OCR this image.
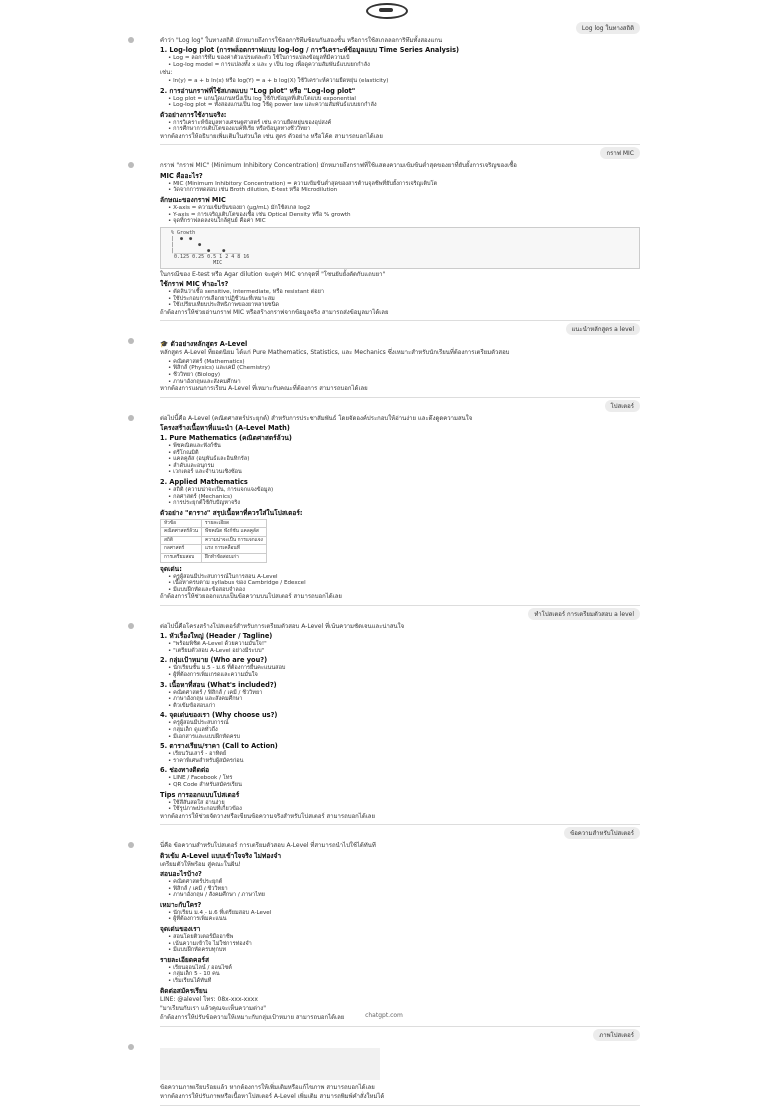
Log log ในทางสถิติ
คำว่า "Log log" ในทางสถิติ มักหมายถึงการใช้ลอการิทึมซ้อนกันสองชั้น หรือการใช้สเกลลอการิทึมทั้งสองแกน
1. Log-log plot (การพล็อตกราฟแบบ log-log / การวิเคราะห์ข้อมูลแบบ Time Series Analysis)
• Log = ลอการิทึม ของค่าตัวแปรแต่ละตัว ใช้ในการแปลงข้อมูลที่มีความเบ้
• Log-log model = การแปลงทั้ง x และ y เป็น log เพื่อดูความสัมพันธ์แบบยกกำลัง
เช่น:
• ln(y) = a + b ln(x) หรือ log(Y) = a + b log(X) ใช้วิเคราะห์ความยืดหยุ่น (elasticity)
2. การอ่านกราฟที่ใช้สเกลแบบ "Log plot" หรือ "Log-log plot"
• Log plot = แกนใดแกนหนึ่งเป็น log ใช้กับข้อมูลที่เติบโตแบบ exponential
• Log-log plot = ทั้งสองแกนเป็น log ใช้ดู power law และความสัมพันธ์แบบยกกำลัง
ตัวอย่างการใช้งานจริง:
• การวิเคราะห์ข้อมูลทางเศรษฐศาสตร์ เช่น ความยืดหยุ่นของอุปสงค์
• การศึกษาการเติบโตของแบคทีเรีย หรือข้อมูลทางชีววิทยา
หากต้องการให้อธิบายเพิ่มเติมในส่วนใด เช่น สูตร ตัวอย่าง หรือโค้ด สามารถบอกได้เลย
กราฟ MIC
กราฟ "กราฟ MIC" (Minimum Inhibitory Concentration) มักหมายถึงกราฟที่ใช้แสดงความเข้มข้นต่ำสุดของยาที่ยับยั้งการเจริญของเชื้อ
MIC คืออะไร?
• MIC (Minimum Inhibitory Concentration) = ความเข้มข้นต่ำสุดของสารต้านจุลชีพที่ยับยั้งการเจริญเติบโต
• วัดจากการทดสอบ เช่น Broth dilution, E-test หรือ Microdilution
ลักษณะของกราฟ MIC
• X-axis = ความเข้มข้นของยา (µg/mL) มักใช้สเกล log2
• Y-axis = การเจริญเติบโตของเชื้อ เช่น Optical Density หรือ % growth
• จุดที่กราฟลดลงจนใกล้ศูนย์ คือค่า MIC
% Growth
|  ●  ●
|        ●
|___________●____●_____
0.125 0.25 0.5 1 2 4 8 16
MIC
ในกรณีของ E-test หรือ Agar dilution จะดูค่า MIC จากจุดที่ "โซนยับยั้งตัดกับแถบยา"
ใช้กราฟ MIC ทำอะไร?
• ตัดสินว่าเชื้อ sensitive, intermediate, หรือ resistant ต่อยา
• ใช้ประกอบการเลือกยาปฏิชีวนะที่เหมาะสม
• ใช้เปรียบเทียบประสิทธิภาพของยาหลายชนิด
ถ้าต้องการให้ช่วยอ่านกราฟ MIC หรือสร้างกราฟจากข้อมูลจริง สามารถส่งข้อมูลมาได้เลย
แนะนำหลักสูตร a level
🎓 ตัวอย่างหลักสูตร A-Level
หลักสูตร A-Level ที่ยอดนิยม ได้แก่ Pure Mathematics, Statistics, และ Mechanics ซึ่งเหมาะสำหรับนักเรียนที่ต้องการเตรียมตัวสอบ
• คณิตศาสตร์ (Mathematics)
• ฟิสิกส์ (Physics) และเคมี (Chemistry)
• ชีววิทยา (Biology)
• ภาษาอังกฤษและสังคมศึกษา
หากต้องการแผนการเรียน A-Level ที่เหมาะกับคณะที่ต้องการ สามารถบอกได้เลย
โปสเตอร์
ต่อไปนี้คือ A-Level (คณิตศาสตร์ประยุกต์) สำหรับการประชาสัมพันธ์ โดยจัดองค์ประกอบให้อ่านง่าย และดึงดูดความสนใจ
โครงสร้างเนื้อหาที่แนะนำ (A-Level Math)
1. Pure Mathematics (คณิตศาสตร์ล้วน)
• พีชคณิตและฟังก์ชัน
• ตรีโกณมิติ
• แคลคูลัส (อนุพันธ์และอินทิกรัล)
• ลำดับและอนุกรม
• เวกเตอร์ และจำนวนเชิงซ้อน
2. Applied Mathematics
• สถิติ (ความน่าจะเป็น, การแจกแจงข้อมูล)
• กลศาสตร์ (Mechanics)
• การประยุกต์ใช้กับปัญหาจริง
ตัวอย่าง "ตาราง" สรุปเนื้อหาที่ควรใส่ในโปสเตอร์:
หัวข้อ	รายละเอียด
คณิตศาสตร์ล้วน	พีชคณิต ฟังก์ชัน แคลคูลัส
สถิติ	ความน่าจะเป็น การแจกแจง
กลศาสตร์	แรง การเคลื่อนที่
การเตรียมสอบ	ฝึกทำข้อสอบเก่า
จุดเด่น:
• ครูผู้สอนมีประสบการณ์ในการสอน A-Level
• เนื้อหาครบตาม syllabus ของ Cambridge / Edexcel
• มีแบบฝึกหัดและข้อสอบจำลอง
ถ้าต้องการให้ช่วยออกแบบเป็นข้อความบนโปสเตอร์ สามารถบอกได้เลย
ทำโปสเตอร์ การเตรียมตัวสอบ a level
ต่อไปนี้คือโครงสร้างโปสเตอร์สำหรับการเตรียมตัวสอบ A-Level ที่เน้นความชัดเจนและน่าสนใจ
1. หัวเรื่องใหญ่ (Header / Tagline)
• "พร้อมพิชิต A-Level ด้วยความมั่นใจ!"
• "เตรียมตัวสอบ A-Level อย่างมีระบบ"
2. กลุ่มเป้าหมาย (Who are you?)
• นักเรียนชั้น ม.5 - ม.6 ที่ต้องการยื่นคะแนนสอบ
• ผู้ที่ต้องการเพิ่มเกรดและความมั่นใจ
3. เนื้อหาที่สอน (What's included?)
• คณิตศาสตร์ / ฟิสิกส์ / เคมี / ชีววิทยา
• ภาษาอังกฤษ และสังคมศึกษา
• ติวเข้มข้อสอบเก่า
4. จุดเด่นของเรา (Why choose us?)
• ครูผู้สอนมีประสบการณ์
• กลุ่มเล็ก ดูแลทั่วถึง
• มีเอกสารและแบบฝึกหัดครบ
5. ตารางเรียน/ราคา (Call to Action)
• เรียนวันเสาร์ - อาทิตย์
• ราคาพิเศษสำหรับผู้สมัครก่อน
6. ช่องทางติดต่อ
• LINE / Facebook / โทร
• QR Code สำหรับสมัครเรียน
Tips การออกแบบโปสเตอร์
• ใช้สีสันสดใส อ่านง่าย
• ใช้รูปภาพประกอบที่เกี่ยวข้อง
หากต้องการให้ช่วยจัดวางหรือเขียนข้อความจริงสำหรับโปสเตอร์ สามารถบอกได้เลย
ข้อความสำหรับโปสเตอร์
นี่คือ ข้อความสำหรับโปสเตอร์ การเตรียมตัวสอบ A-Level ที่สามารถนำไปใช้ได้ทันที
ติวเข้ม A-Level แบบเข้าใจจริง ไม่ท่องจำ
เตรียมตัวให้พร้อม สู่คณะในฝัน!
สอนอะไรบ้าง?
• คณิตศาสตร์ประยุกต์
• ฟิสิกส์ / เคมี / ชีววิทยา
• ภาษาอังกฤษ / สังคมศึกษา / ภาษาไทย
เหมาะกับใคร?
• นักเรียน ม.4 - ม.6 ที่เตรียมสอบ A-Level
• ผู้ที่ต้องการเพิ่มคะแนน
จุดเด่นของเรา
• สอนโดยติวเตอร์มืออาชีพ
• เน้นความเข้าใจ ไม่ใช่การท่องจำ
• มีแบบฝึกหัดครบทุกบท
รายละเอียดคอร์ส
• เรียนออนไลน์ / ออนไซต์
• กลุ่มเล็ก 5 - 10 คน
• เริ่มเรียนได้ทันที
ติดต่อสมัครเรียน
LINE: @alevel โทร: 08x-xxx-xxxx
"มาเรียนกับเรา แล้วคุณจะเห็นความต่าง"
ถ้าต้องการให้ปรับข้อความให้เหมาะกับกลุ่มเป้าหมาย สามารถบอกได้เลย
ภาพโปสเตอร์
ข้อความภาพเรียบร้อยแล้ว หากต้องการให้เพิ่มเติมหรือแก้ไขภาพ สามารถบอกได้เลย
หากต้องการให้ปรับภาพหรือเนื้อหาโปสเตอร์ A-Level เพิ่มเติม สามารถพิมพ์คำสั่งใหม่ได้
chatgpt.com
